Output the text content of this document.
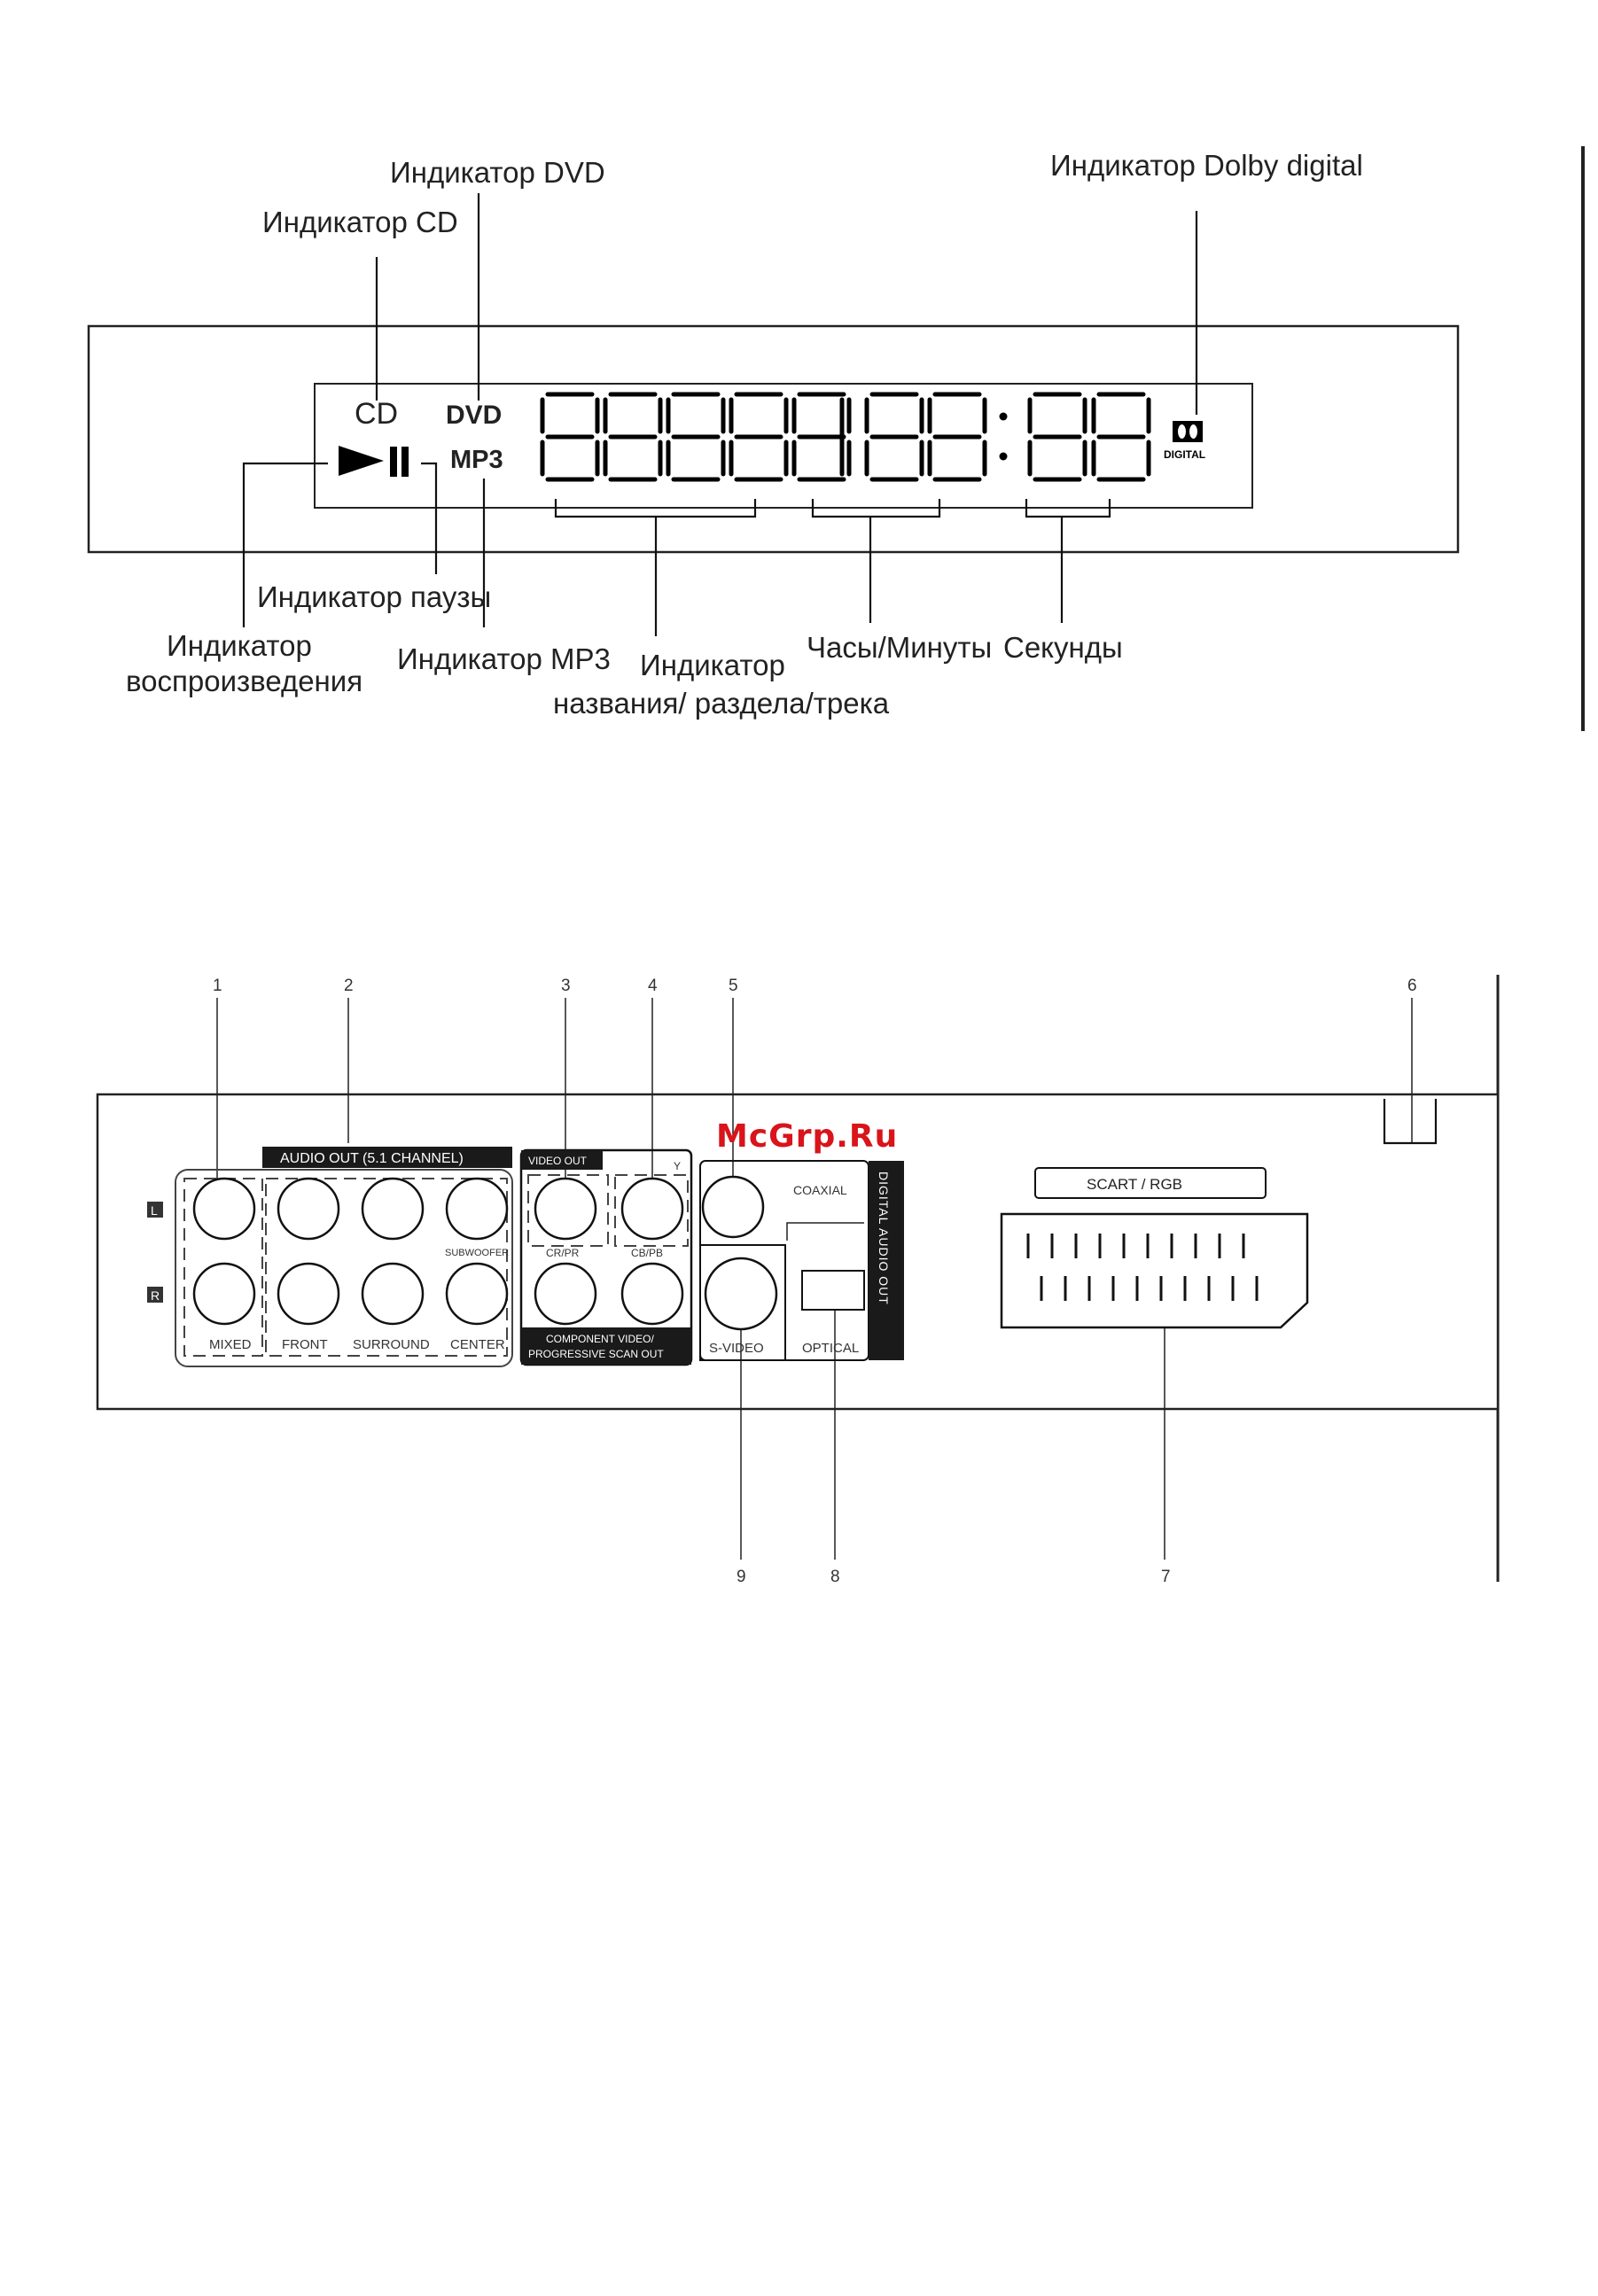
CD DVD
MP3	DIGITAL
Индикатор DVD
Индикатор CD
Индикатор Dolby digital
Индикатор паузы
Индикатор
воспроизведения
Индикатор MP3 Индикатор
названия/ раздела/трека
Часы/Минуты Секунды
1	2	3	4	5	6
7
8
9
AUDIO OUT (5.1 CHANNEL)
L
R
SUBWOOFER
MIXED FRONT SURROUND CENTER
VIDEO OUT	Y
CR/PR	CB/PB
COMPONENT VIDEO/
PROGRESSIVE SCAN OUT
DIGITAL AUDIO OUT
COAXIAL
S-VIDEO	OPTICAL
SCART / RGB
McGrp.Ru
